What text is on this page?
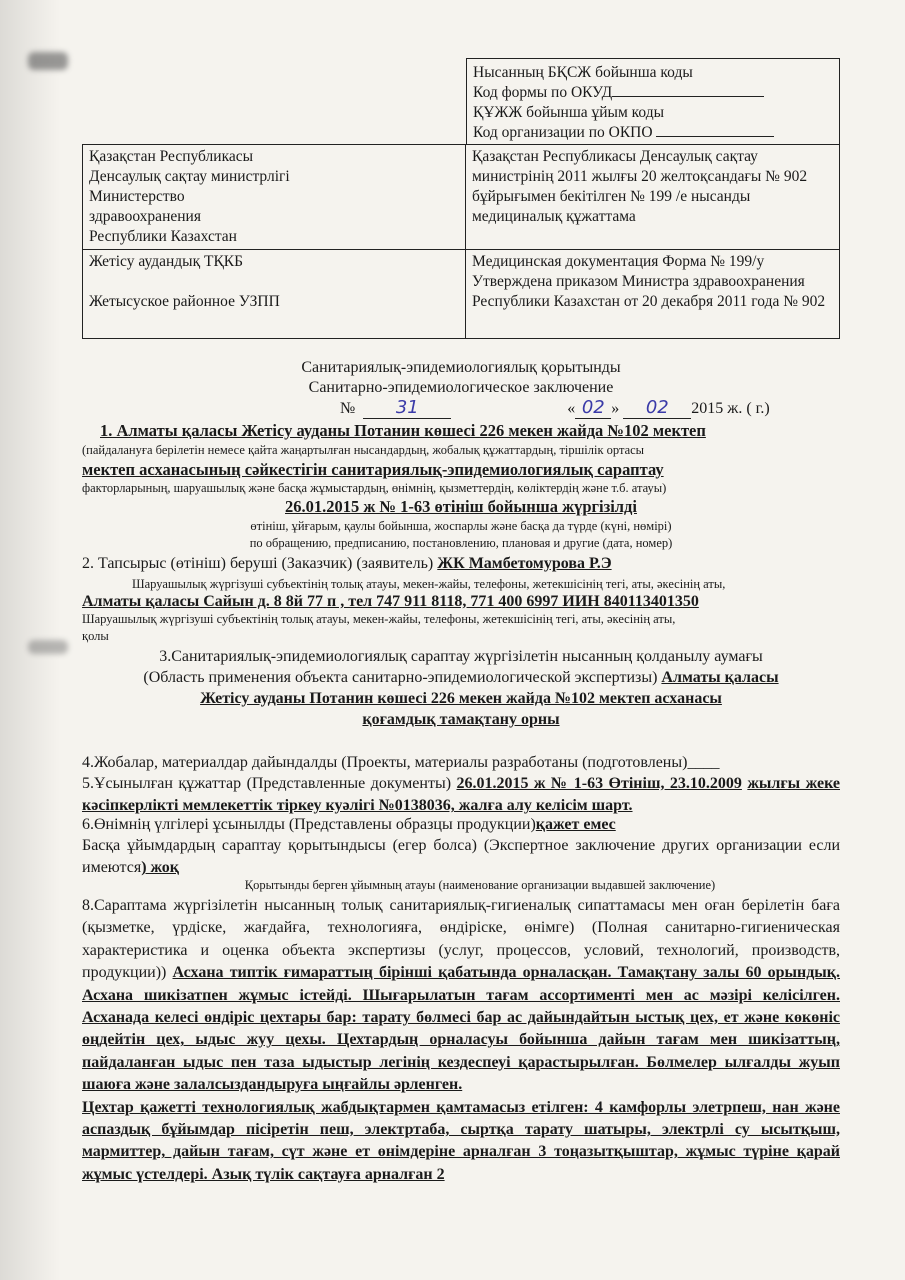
Нысанның БҚСЖ бойынша коды
Код формы по ОКУД
ҚҰЖЖ бойынша ұйым коды
Код организации по ОКПО
Қазақстан Республикасы
Денсаулық сақтау министрлігі
Министерство
здравоохранения
Республики Казахстан	Қазақстан Республикасы Денсаулық сақтау министрінің 2011 жылғы 20 желтоқсандағы № 902 бұйрығымен бекітілген № 199 /е нысанды медициналық құжаттама

Жетісу аудандық ТҚКБ
Жетысуское районное УЗПП	Медицинская документация Форма № 199/у Утверждена приказом Министра здравоохранения Республики Казахстан от 20 декабря 2011 года № 902
Санитариялық-эпидемиологиялық қорытынды
Санитарно-эпидемиологическое заключение
№ 31	« 02 » 02 2015 ж. ( г.)
1. Алматы қаласы Жетісу ауданы Потанин көшесі 226 мекен жайда №102 мектеп
(пайдалануға берілетін немесе қайта жаңартылған нысандардың, жобалық құжаттардың, тіршілік ортасы
мектеп асханасының сәйкестігін санитариялық-эпидемиологиялық сараптау
факторларының, шаруашылық және басқа жұмыстардың, өнімнің, қызметтердің, көліктердің және т.б. атауы)
26.01.2015 ж № 1-63 өтініш бойынша жүргізілді
өтініш, ұйғарым, қаулы бойынша, жоспарлы және басқа да түрде (күні, нөмірі)
по обращению, предписанию, постановлению, плановая и другие (дата, номер)
2. Тапсырыс (өтініш) беруші (Заказчик) (заявитель) ЖК Мамбетомурова Р.Э
Шаруашылық жүргізуші субъектінің толық атауы, мекен-жайы, телефоны, жетекшісінің тегі, аты, әкесінің аты,
Алматы қаласы Сайын д. 8 8й 77 п , тел 747 911 8118, 771 400 6997 ИИН 840113401350
Шаруашылық жүргізуші субъектінің толық атауы, мекен-жайы, телефоны, жетекшісінің тегі, аты, әкесінің аты,
қолы
3.Санитариялық-эпидемиологиялық сараптау жүргізілетін нысанның қолданылу аумағы
(Область применения объекта санитарно-эпидемиологической экспертизы) Алматы қаласы
Жетісу ауданы Потанин көшесі 226 мекен жайда №102 мектеп асханасы
қоғамдық тамақтану орны
4.Жобалар, материалдар дайындалды (Проекты, материалы разработаны (подготовлены)____
5.Ұсынылған құжаттар (Представленные документы) 26.01.2015 ж № 1-63 Өтініш, 23.10.2009 жылғы жеке кәсіпкерлікті мемлекеттік тіркеу куәлігі №0138036, жалға алу келісім шарт.
6.Өнімнің үлгілері ұсынылды (Представлены образцы продукции)қажет емес
Басқа ұйымдардың сараптау қорытындысы (егер болса) (Экспертное заключение других организации если имеются) жоқ
Қорытынды берген ұйымның атауы (наименование организации выдавшей заключение)
8.Сараптама жүргізілетін нысанның толық санитариялық-гигиеналық сипаттамасы мен оған берілетін баға (қызметке, үрдіске, жағдайға, технологияға, өндіріске, өнімге) (Полная санитарно-гигиеническая характеристика и оценка объекта экспертизы (услуг, процессов, условий, технологий, производств, продукции)) Асхана типтік ғимараттың бірінші қабатында орналасқан. Тамақтану залы 60 орындық. Асхана шикізатпен жұмыс істейді. Шығарылатын тағам ассортименті мен ас мәзірі келісілген. Асханада келесі өндіріс цехтары бар: тарату бөлмесі бар ас дайындайтын ыстық цех, ет және көкөніс өңдейтін цех, ыдыс жуу цехы. Цехтардың орналасуы бойынша дайын тағам мен шикізаттың, пайдаланған ыдыс пен таза ыдыстыр легінің кездеспеуі қарастырылған. Бөлмелер ылғалды жуып шаюға және залалсыздандыруға ыңғайлы әрленген.
Цехтар қажетті технологиялық жабдықтармен қамтамасыз етілген: 4 камфорлы элетрпеш, нан және аспаздық бұйымдар пісіретін пеш, электртаба, сыртқа тарату шатыры, электрлі су ысытқыш, мармиттер, дайын тағам, сүт және ет өнімдеріне арналған 3 тоңазытқыштар, жұмыс түріне қарай жұмыс үстелдері. Азық түлік сақтауға арналған 2
